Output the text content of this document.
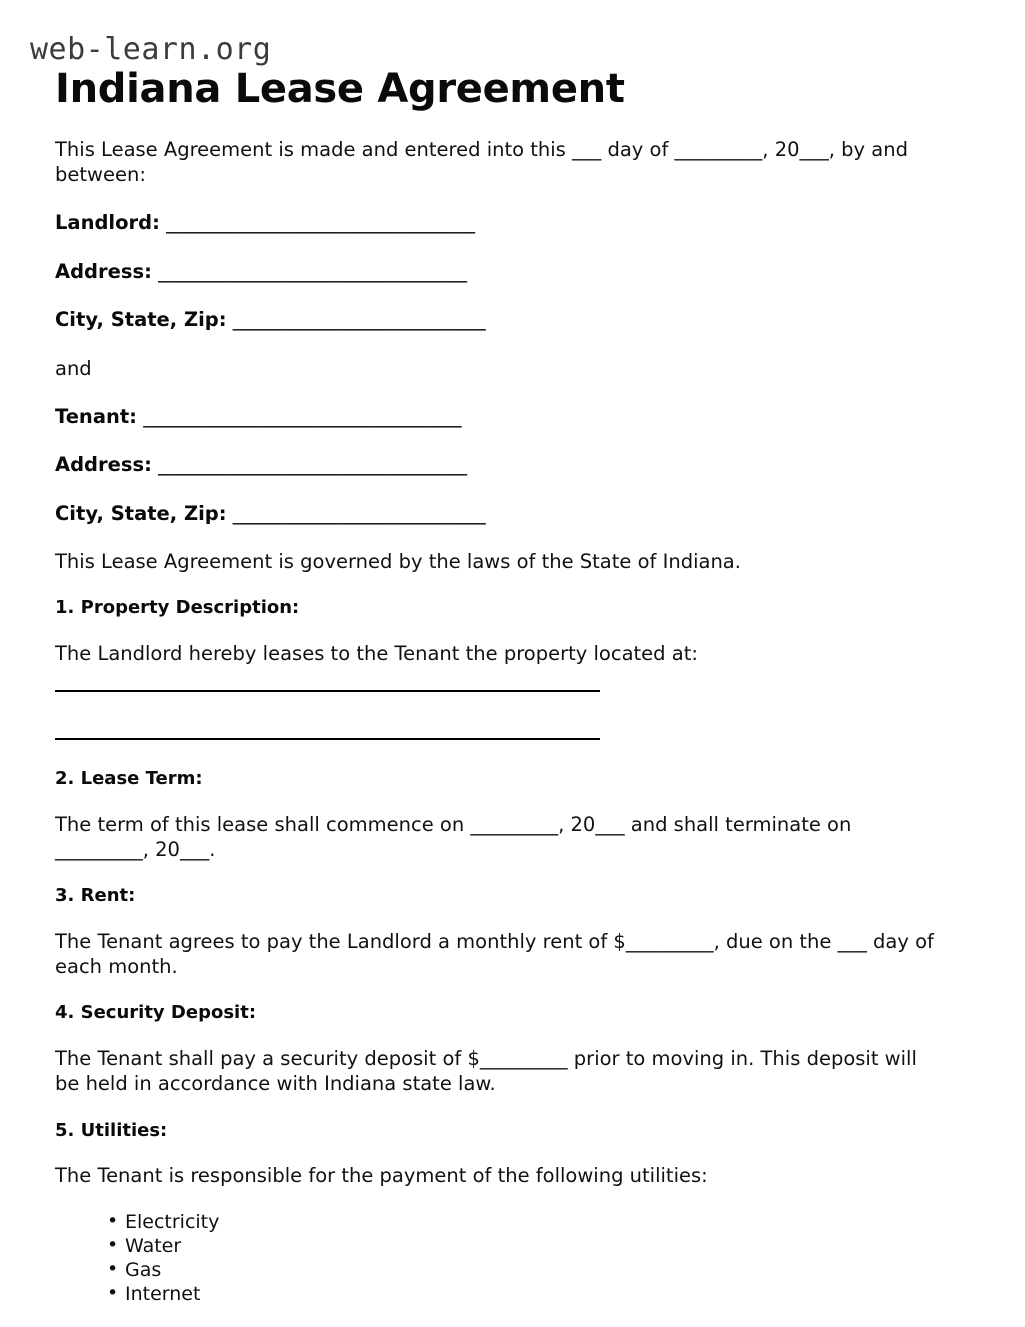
web-learn.org
Indiana Lease Agreement

This Lease Agreement is made and entered into this ___ day of _________, 20___, by and between:

Landlord: _________________________________
Address: _________________________________
City, State, Zip: ___________________________

and

Tenant: __________________________________
Address: _________________________________
City, State, Zip: ___________________________

This Lease Agreement is governed by the laws of the State of Indiana.

1. Property Description:

The Landlord hereby leases to the Tenant the property located at:

2. Lease Term:

The term of this lease shall commence on _________, 20___ and shall terminate on _________, 20___.

3. Rent:

The Tenant agrees to pay the Landlord a monthly rent of $_________, due on the ___ day of each month.

4. Security Deposit:

The Tenant shall pay a security deposit of $_________ prior to moving in. This deposit will be held in accordance with Indiana state law.

5. Utilities:

The Tenant is responsible for the payment of the following utilities:

• Electricity
• Water
• Gas
• Internet
